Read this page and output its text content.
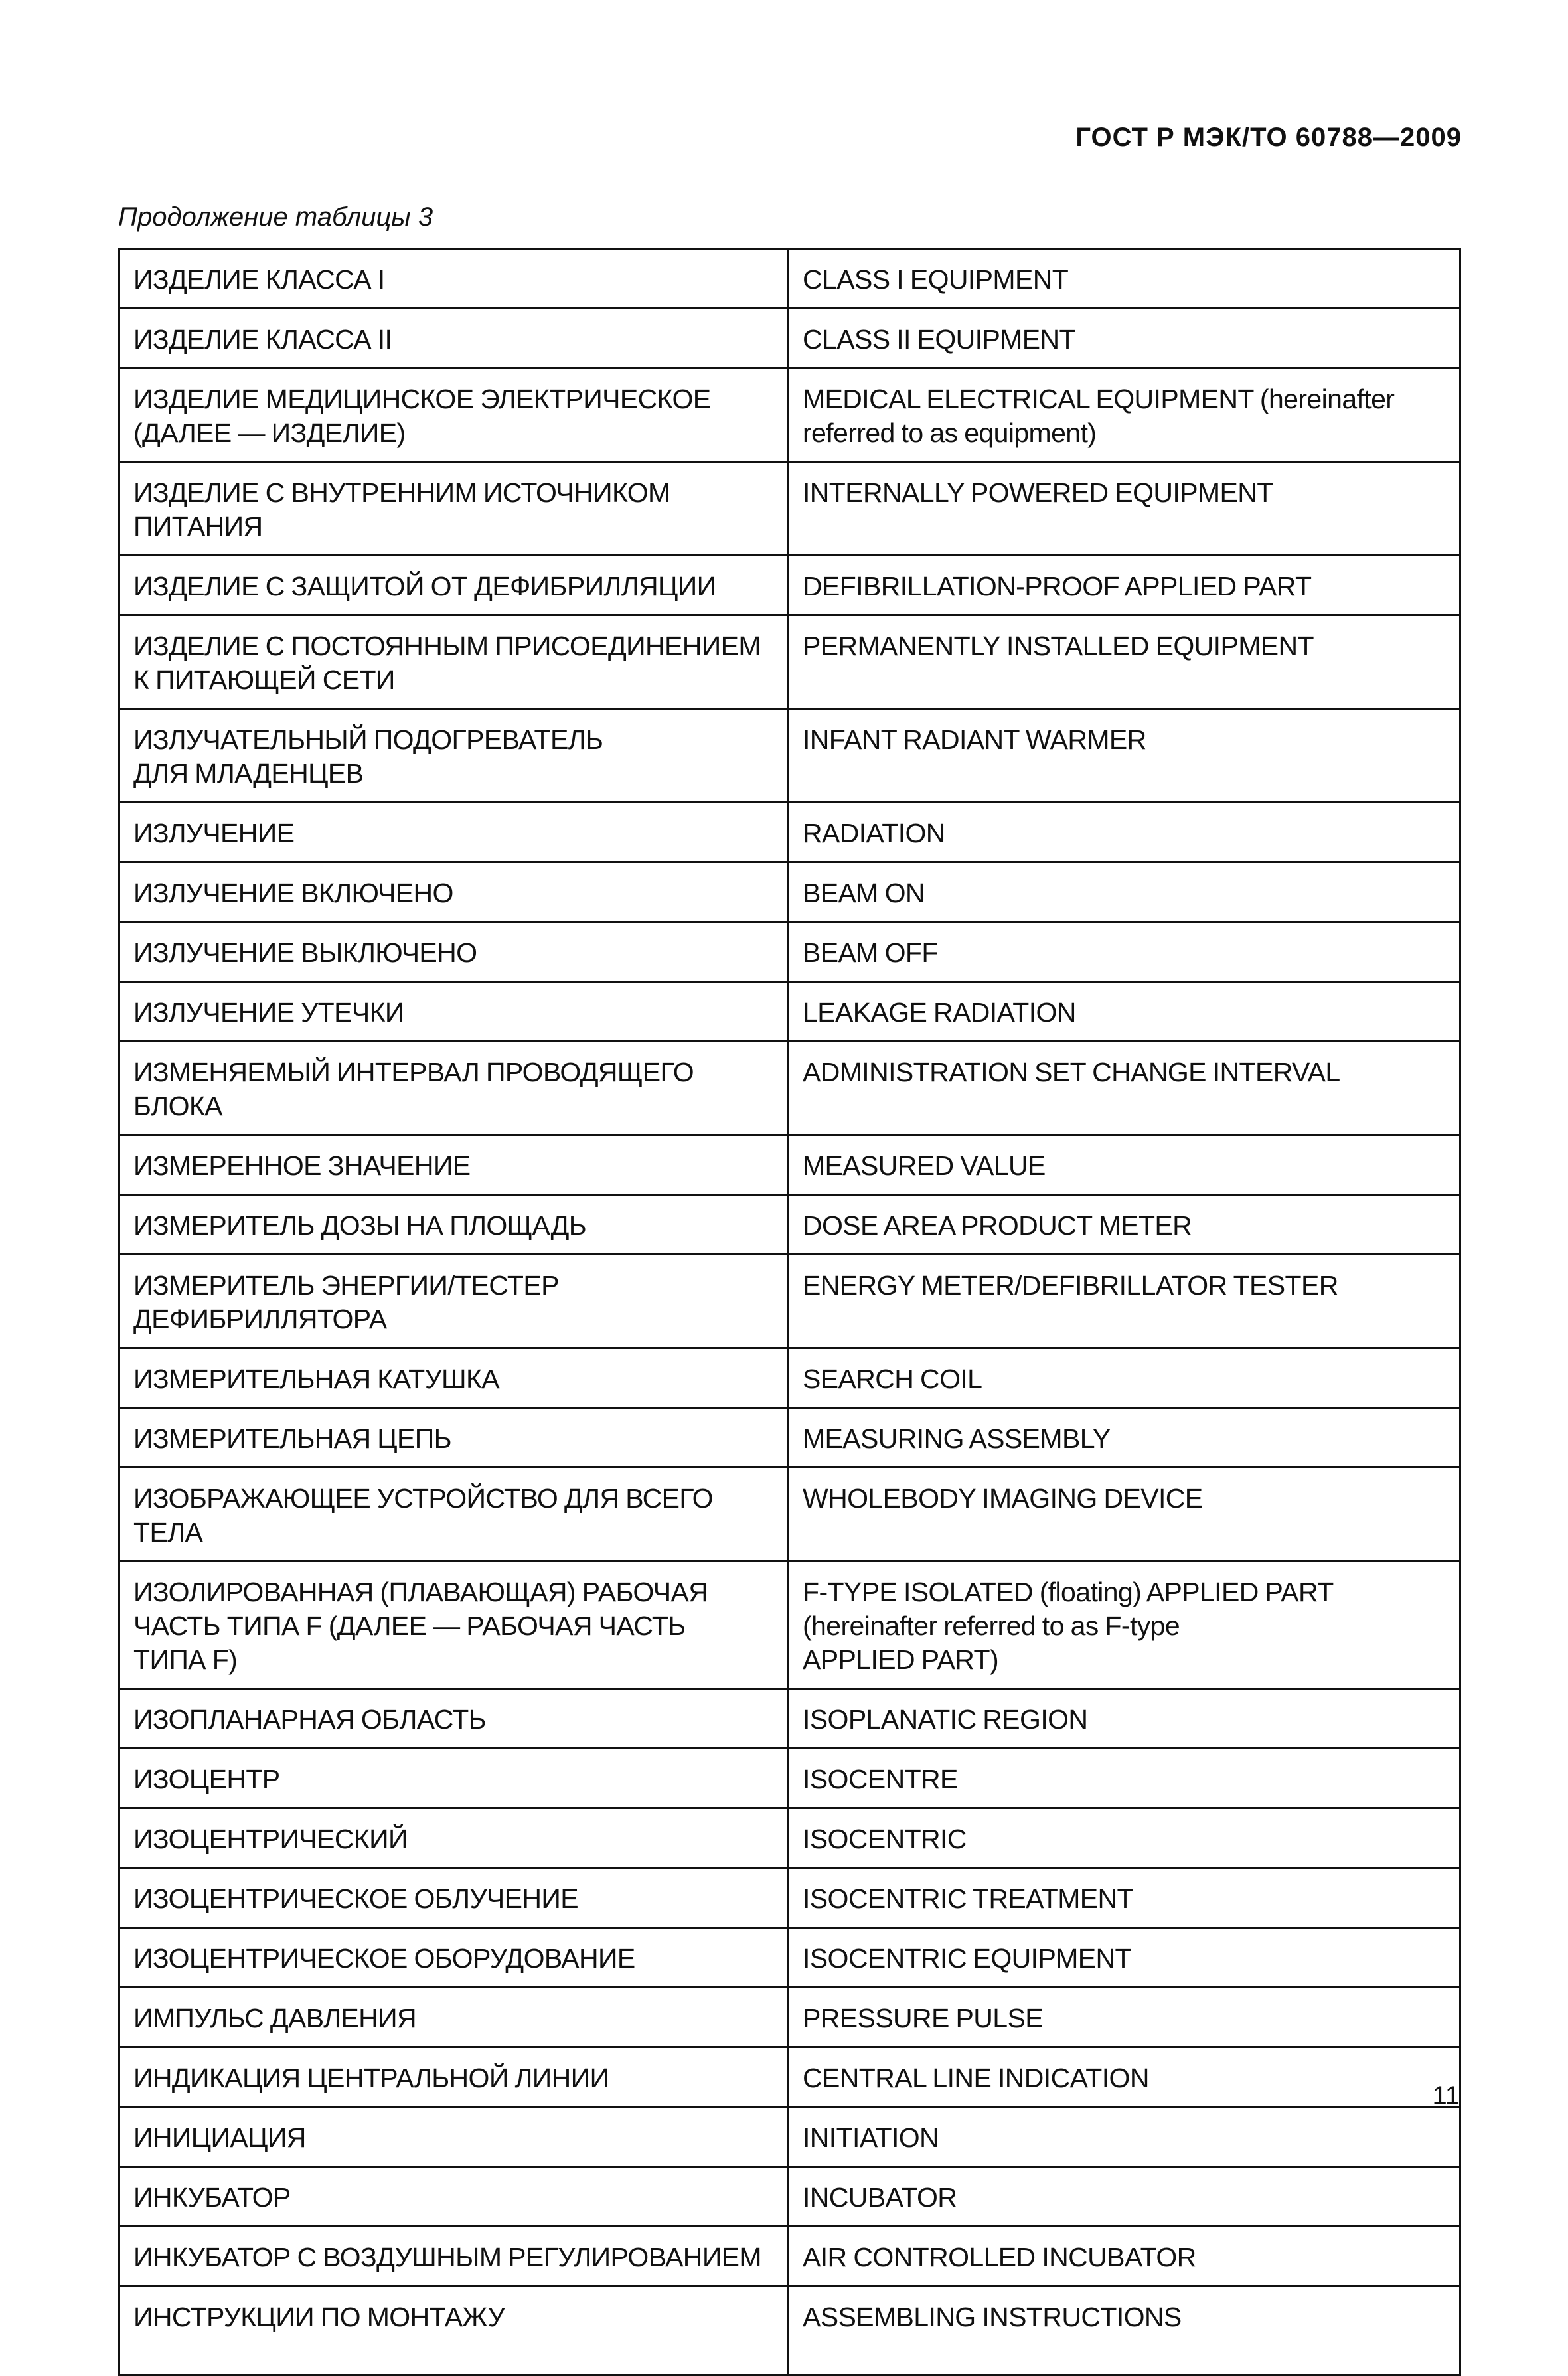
ГОСТ Р МЭК/ТО 60788—2009
Продолжение таблицы 3
ИЗДЕЛИЕ КЛАССА I	CLASS I EQUIPMENT

ИЗДЕЛИЕ КЛАССА II	CLASS II EQUIPMENT

ИЗДЕЛИЕ МЕДИЦИНСКОЕ ЭЛЕКТРИЧЕСКОЕ
(ДАЛЕЕ — ИЗДЕЛИЕ)	MEDICAL ELECTRICAL EQUIPMENT (hereinafter
referred to as equipment)

ИЗДЕЛИЕ С ВНУТРЕННИМ ИСТОЧНИКОМ
ПИТАНИЯ	INTERNALLY POWERED EQUIPMENT

ИЗДЕЛИЕ С ЗАЩИТОЙ ОТ ДЕФИБРИЛЛЯЦИИ	DEFIBRILLATION-PROOF APPLIED PART

ИЗДЕЛИЕ С ПОСТОЯННЫМ ПРИСОЕДИНЕНИЕМ
К ПИТАЮЩЕЙ СЕТИ	PERMANENTLY INSTALLED EQUIPMENT

ИЗЛУЧАТЕЛЬНЫЙ ПОДОГРЕВАТЕЛЬ
ДЛЯ МЛАДЕНЦЕВ	INFANT RADIANT WARMER

ИЗЛУЧЕНИЕ	RADIATION

ИЗЛУЧЕНИЕ ВКЛЮЧЕНО	BEAM ON

ИЗЛУЧЕНИЕ ВЫКЛЮЧЕНО	BEAM OFF

ИЗЛУЧЕНИЕ УТЕЧКИ	LEAKAGE RADIATION

ИЗМЕНЯЕМЫЙ ИНТЕРВАЛ ПРОВОДЯЩЕГО
БЛОКА	ADMINISTRATION SET CHANGE INTERVAL

ИЗМЕРЕННОЕ ЗНАЧЕНИЕ	MEASURED VALUE

ИЗМЕРИТЕЛЬ ДОЗЫ НА ПЛОЩАДЬ	DOSE AREA PRODUCT METER

ИЗМЕРИТЕЛЬ ЭНЕРГИИ/ТЕСТЕР
ДЕФИБРИЛЛЯТОРА	ENERGY METER/DEFIBRILLATOR TESTER

ИЗМЕРИТЕЛЬНАЯ КАТУШКА	SEARCH COIL

ИЗМЕРИТЕЛЬНАЯ ЦЕПЬ	MEASURING ASSEMBLY

ИЗОБРАЖАЮЩЕЕ УСТРОЙСТВО ДЛЯ ВСЕГО
ТЕЛА	WHOLEBODY IMAGING DEVICE

ИЗОЛИРОВАННАЯ (ПЛАВАЮЩАЯ) РАБОЧАЯ
ЧАСТЬ ТИПА F (ДАЛЕЕ — РАБОЧАЯ ЧАСТЬ
ТИПА F)	F-TYPE ISOLATED (floating) APPLIED PART
(hereinafter referred to as F-type
APPLIED PART)

ИЗОПЛАНАРНАЯ ОБЛАСТЬ	ISOPLANATIC REGION

ИЗОЦЕНТР	ISOCENTRE

ИЗОЦЕНТРИЧЕСКИЙ	ISOCENTRIC

ИЗОЦЕНТРИЧЕСКОЕ ОБЛУЧЕНИЕ	ISOCENTRIC TREATMENT

ИЗОЦЕНТРИЧЕСКОЕ ОБОРУДОВАНИЕ	ISOCENTRIC EQUIPMENT

ИМПУЛЬС ДАВЛЕНИЯ	PRESSURE PULSE

ИНДИКАЦИЯ ЦЕНТРАЛЬНОЙ ЛИНИИ	CENTRAL LINE INDICATION

ИНИЦИАЦИЯ	INITIATION

ИНКУБАТОР	INCUBATOR

ИНКУБАТОР С ВОЗДУШНЫМ РЕГУЛИРОВАНИЕМ	AIR CONTROLLED INCUBATOR

ИНСТРУКЦИИ ПО МОНТАЖУ	ASSEMBLING INSTRUCTIONS
11
